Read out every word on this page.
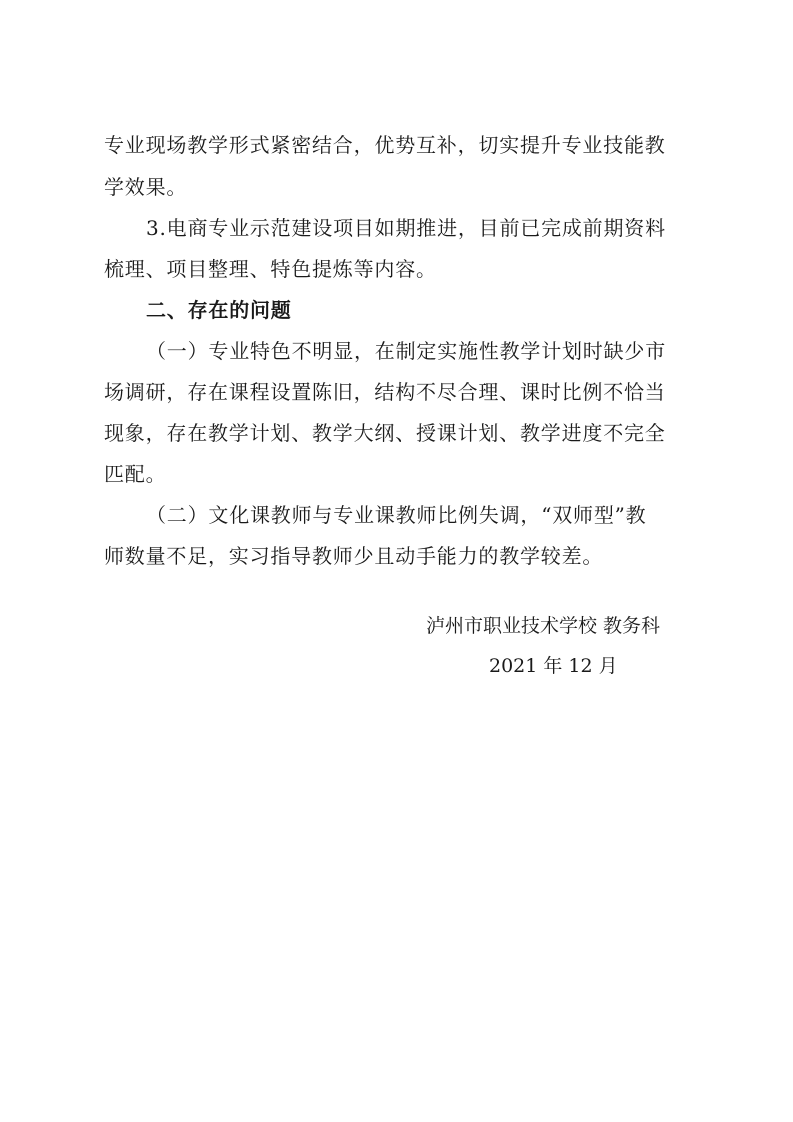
专业现场教学形式紧密结合，优势互补，切实提升专业技能教
学效果。
3.电商专业示范建设项目如期推进，目前已完成前期资料
梳理、项目整理、特色提炼等内容。
二、存在的问题
（一）专业特色不明显，在制定实施性教学计划时缺少市
场调研，存在课程设置陈旧，结构不尽合理、课时比例不恰当
现象，存在教学计划、教学大纲、授课计划、教学进度不完全
匹配。
（二）文化课教师与专业课教师比例失调，“双师型”教
师数量不足，实习指导教师少且动手能力的教学较差。
泸州市职业技术学校 教务科
2021 年 12 月
